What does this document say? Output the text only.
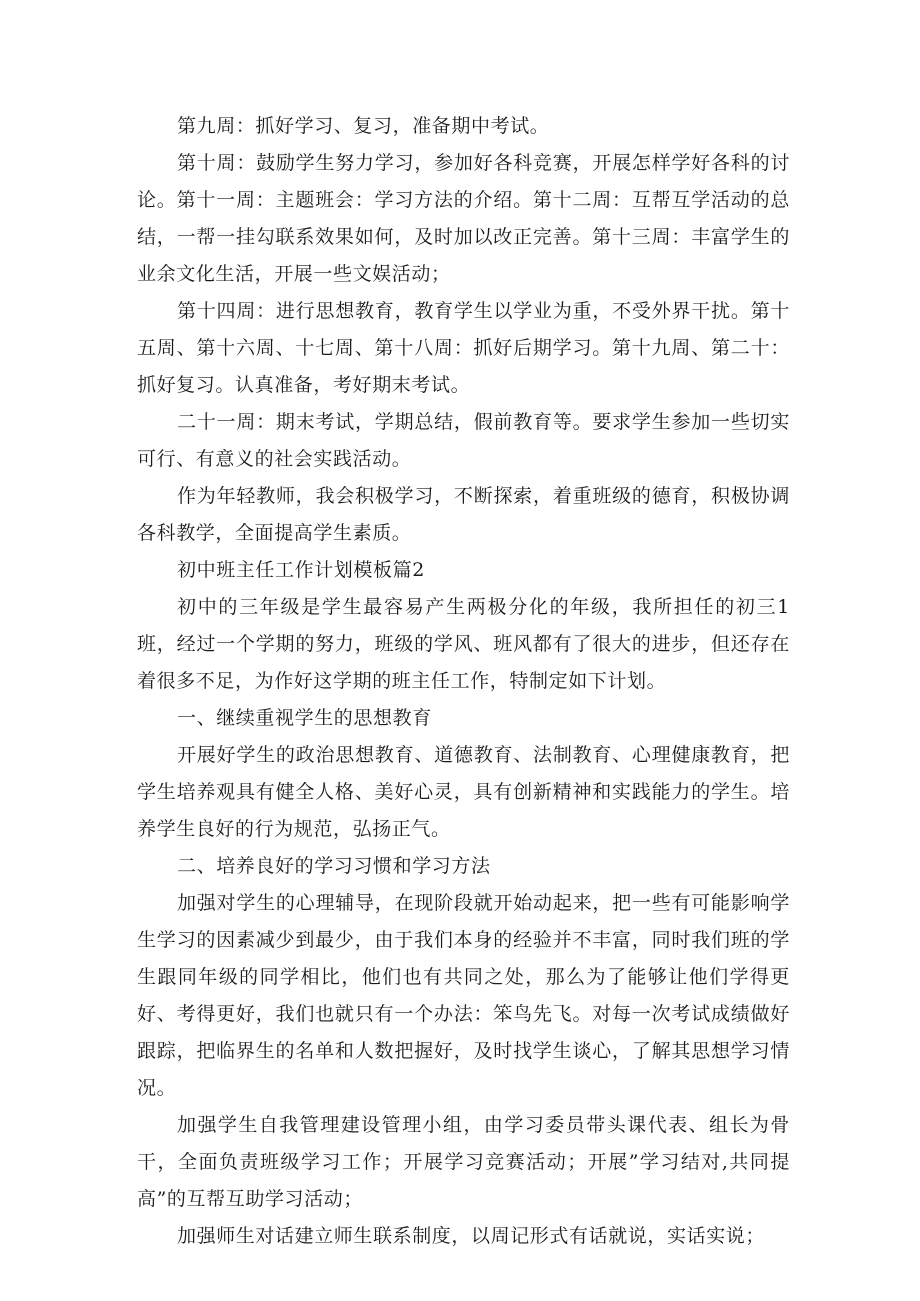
第九周：抓好学习、复习，准备期中考试。

第十周：鼓励学生努力学习，参加好各科竞赛，开展怎样学好各科的讨论。第十一周：主题班会：学习方法的介绍。第十二周：互帮互学活动的总结，一帮一挂勾联系效果如何，及时加以改正完善。第十三周：丰富学生的业余文化生活，开展一些文娱活动；

第十四周：进行思想教育，教育学生以学业为重，不受外界干扰。第十五周、第十六周、十七周、第十八周：抓好后期学习。第十九周、第二十：抓好复习。认真准备，考好期末考试。

二十一周：期末考试，学期总结，假前教育等。要求学生参加一些切实可行、有意义的社会实践活动。

作为年轻教师，我会积极学习，不断探索，着重班级的德育，积极协调各科教学，全面提高学生素质。

初中班主任工作计划模板篇2

初中的三年级是学生最容易产生两极分化的年级，我所担任的初三1班，经过一个学期的努力，班级的学风、班风都有了很大的进步，但还存在着很多不足，为作好这学期的班主任工作，特制定如下计划。

一、继续重视学生的思想教育

开展好学生的政治思想教育、道德教育、法制教育、心理健康教育，把学生培养观具有健全人格、美好心灵，具有创新精神和实践能力的学生。培养学生良好的行为规范，弘扬正气。

二、培养良好的学习习惯和学习方法

加强对学生的心理辅导，在现阶段就开始动起来，把一些有可能影响学生学习的因素减少到最少，由于我们本身的经验并不丰富，同时我们班的学生跟同年级的同学相比，他们也有共同之处，那么为了能够让他们学得更好、考得更好，我们也就只有一个办法：笨鸟先飞。对每一次考试成绩做好跟踪，把临界生的名单和人数把握好，及时找学生谈心，了解其思想学习情况。

加强学生自我管理建设管理小组，由学习委员带头课代表、组长为骨干，全面负责班级学习工作；开展学习竞赛活动；开展”学习结对,共同提高”的互帮互助学习活动；

加强师生对话建立师生联系制度，以周记形式有话就说，实话实说；
